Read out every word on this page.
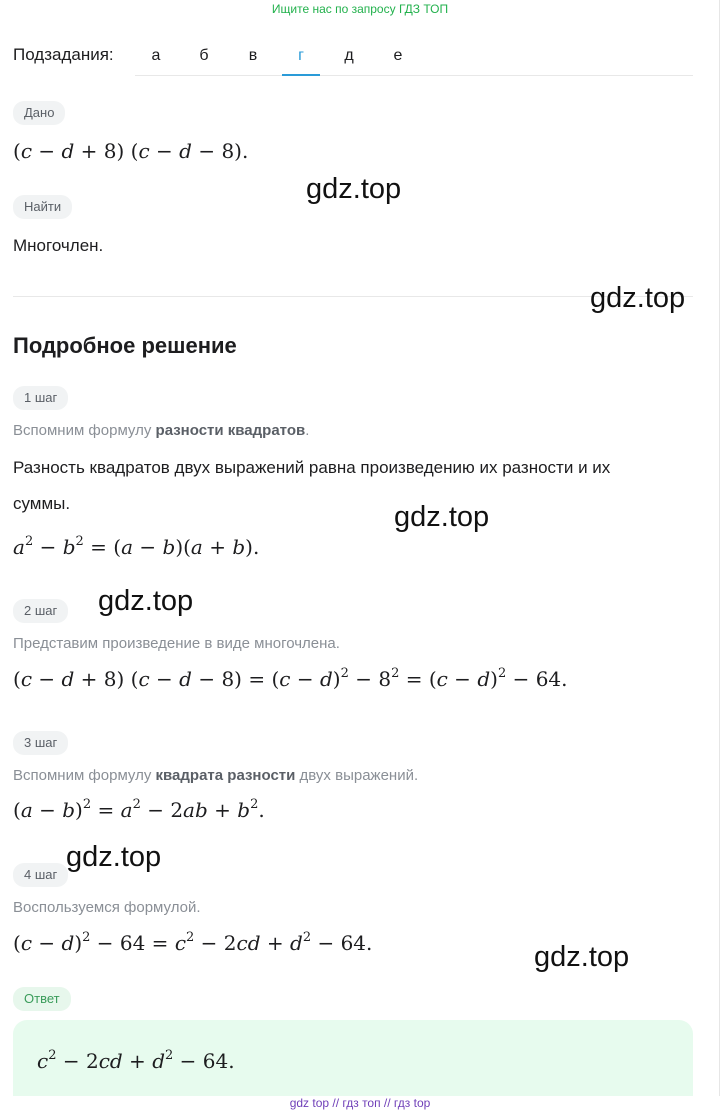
Ищите нас по запросу ГДЗ ТОП
Подзадания:	а	б	в	г	д	е
Дано
(c − d + 8) (c − d − 8).
Найти
Многочлен.
Подробное решение
1 шаг
Вспомним формулу разности квадратов.
Разность квадратов двух выражений равна произведению их разности и их
суммы.
$a^2 - b^2 = (a - b)(a + b)$.
2 шаг
Представим произведение в виде многочлена.
(c − d + 8) $(c - d - 8) = (c - d)^2 - 8^2 = (c - d)^2 - 64$.
3 шаг
Вспомним формулу квадрата разности двух выражений.
$(a - b)^2 = a^2 - 2ab + b^2$.
4 шаг
Воспользуемся формулой.
$(c - d)^2 - 64 = c^2 - 2cd + d^2 - 64$.
Ответ
$c^2 - 2cd + d^2 - 64$.
gdz.top
gdz.top
gdz.top
gdz.top
gdz.top
gdz.top
gdz top // гдз топ // гдз top
